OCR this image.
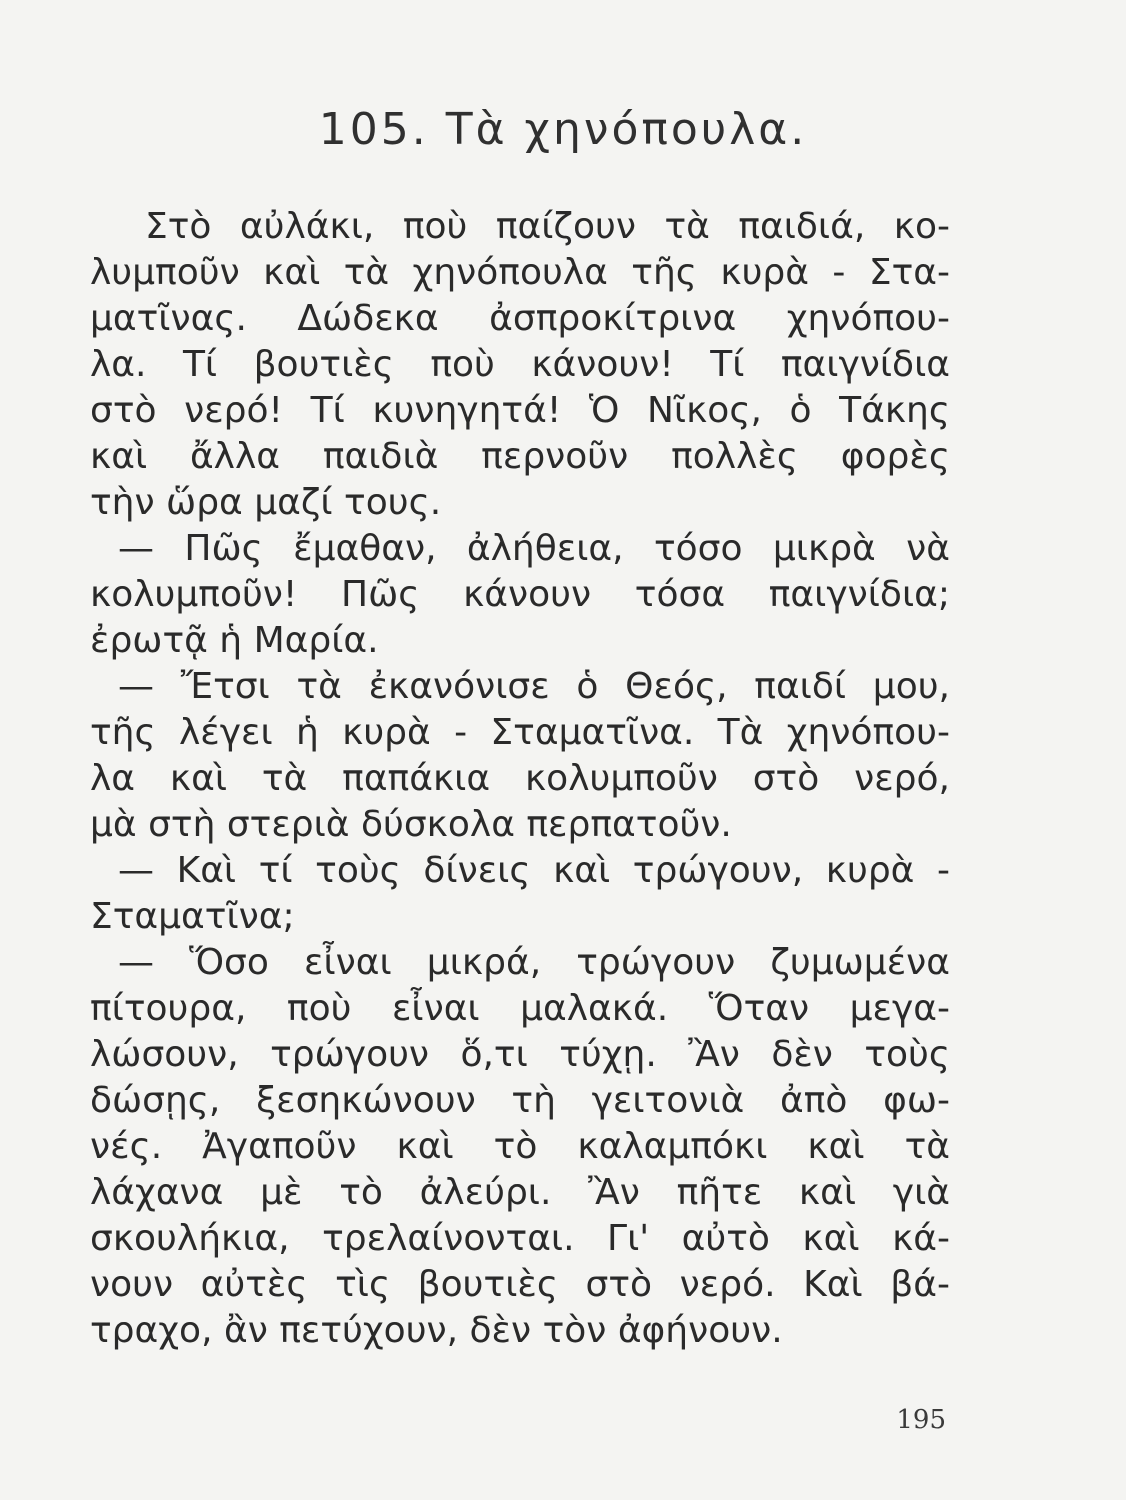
105. Τὰ χηνόπουλα.
Στὸ αὐλάκι, ποὺ παίζουν τὰ παιδιά, κο-
λυμποῦν καὶ τὰ χηνόπουλα τῆς κυρὰ - Στα-
ματῖνας. Δώδεκα ἀσπροκίτρινα χηνόπου-
λα. Τί βουτιὲς ποὺ κάνουν! Τί παιγνίδια
στὸ νερό! Τί κυνηγητά! Ὁ Νῖκος, ὁ Τάκης
καὶ ἄλλα παιδιὰ περνοῦν πολλὲς φορὲς
τὴν ὥρα μαζί τους.
— Πῶς ἔμαθαν, ἀλήθεια, τόσο μικρὰ νὰ
κολυμποῦν! Πῶς κάνουν τόσα παιγνίδια;
ἐρωτᾷ ἡ Μαρία.
— Ἔτσι τὰ ἐκανόνισε ὁ Θεός, παιδί μου,
τῆς λέγει ἡ κυρὰ - Σταματῖνα. Τὰ χηνόπου-
λα καὶ τὰ παπάκια κολυμποῦν στὸ νερό,
μὰ στὴ στεριὰ δύσκολα περπατοῦν.
— Καὶ τί τοὺς δίνεις καὶ τρώγουν, κυρὰ -
Σταματῖνα;
— Ὅσο εἶναι μικρά, τρώγουν ζυμωμένα
πίτουρα, ποὺ εἶναι μαλακά. Ὅταν μεγα-
λώσουν, τρώγουν ὅ,τι τύχῃ. Ἂν δὲν τοὺς
δώσῃς, ξεσηκώνουν τὴ γειτονιὰ ἀπὸ φω-
νές. Ἀγαποῦν καὶ τὸ καλαμπόκι καὶ τὰ
λάχανα μὲ τὸ ἀλεύρι. Ἂν πῆτε καὶ γιὰ
σκουλήκια, τρελαίνονται. Γι' αὐτὸ καὶ κά-
νουν αὐτὲς τὶς βουτιὲς στὸ νερό. Καὶ βά-
τραχο, ἂν πετύχουν, δὲν τὸν ἀφήνουν.
195
